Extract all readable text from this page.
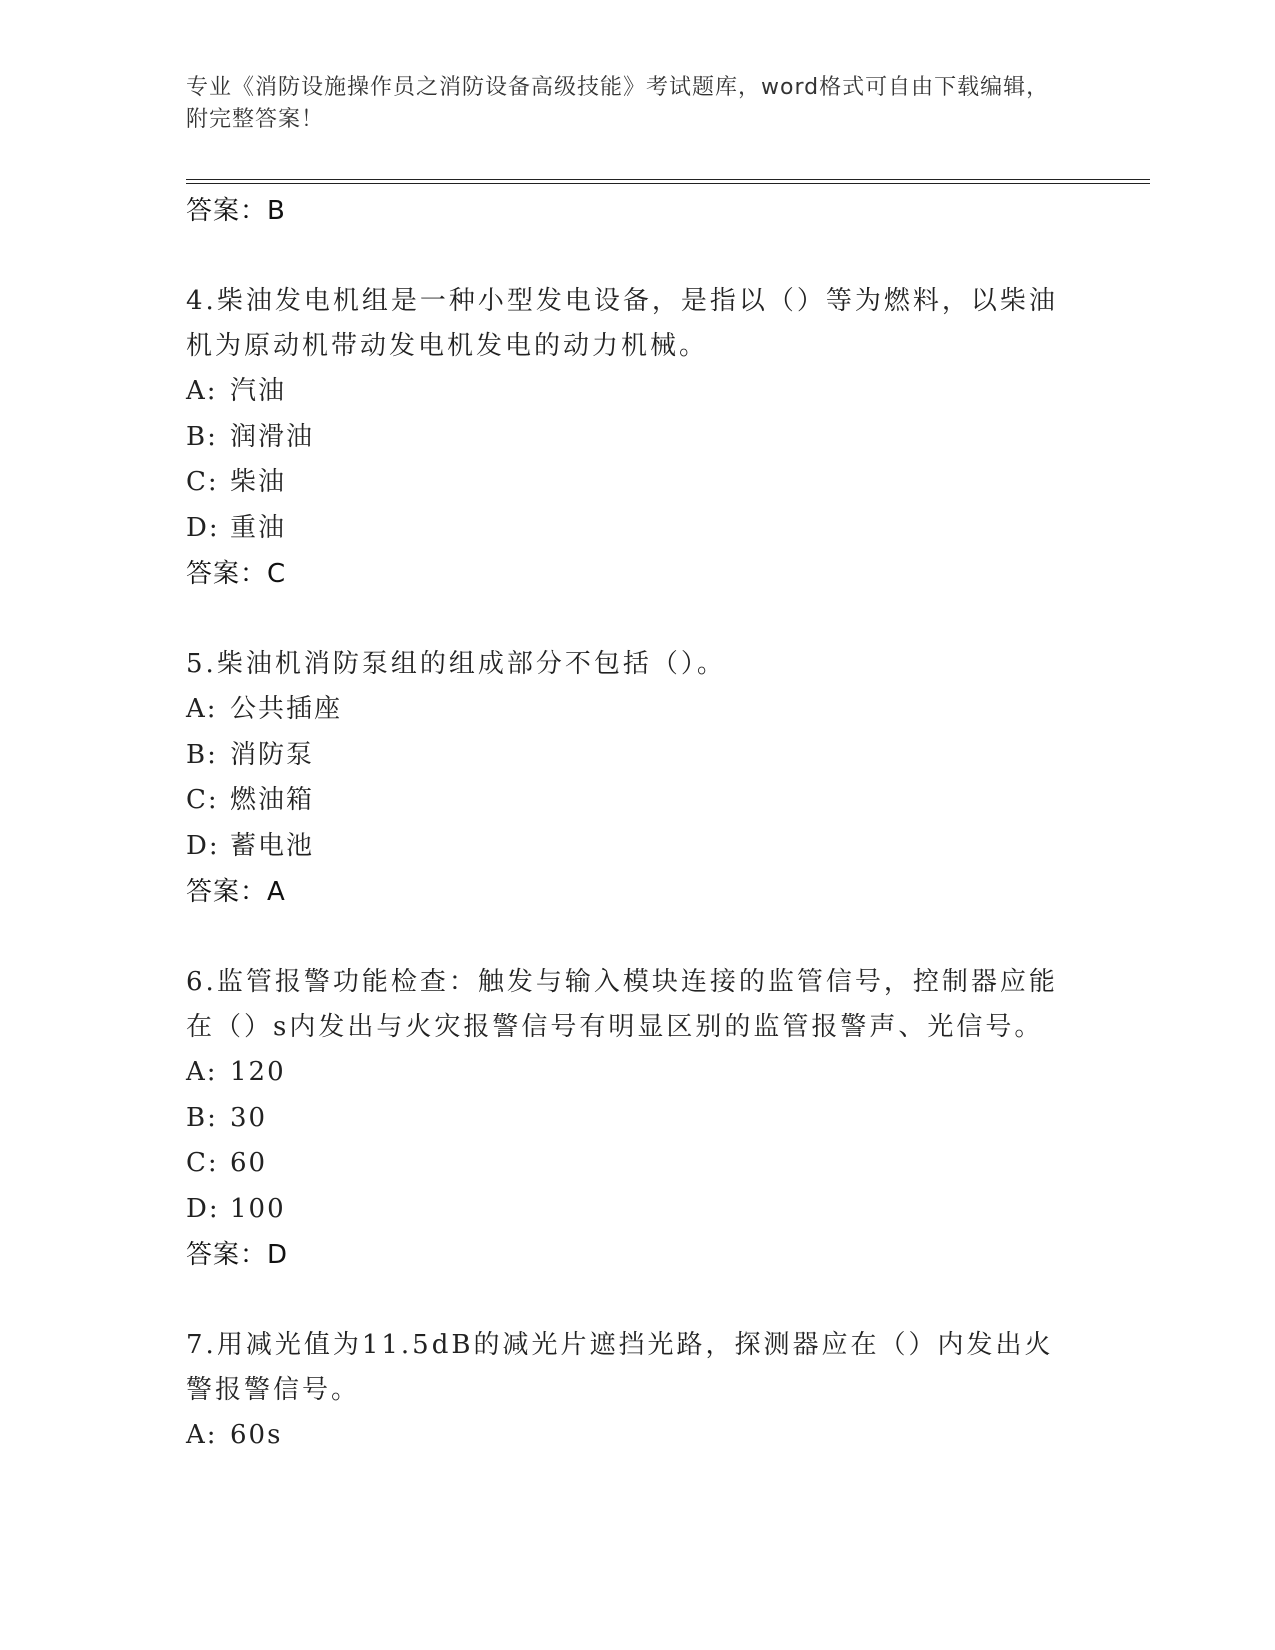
专业《消防设施操作员之消防设备高级技能》考试题库，word格式可自由下载编辑，附完整答案！

答案：B

4.柴油发电机组是一种小型发电设备，是指以（）等为燃料，以柴油机为原动机带动发电机发电的动力机械。

A: 汽油

B: 润滑油

C: 柴油

D: 重油

答案：C

5.柴油机消防泵组的组成部分不包括（）。

A: 公共插座

B: 消防泵

C: 燃油箱

D: 蓄电池

答案：A

6.监管报警功能检查：触发与输入模块连接的监管信号，控制器应能在（）s内发出与火灾报警信号有明显区别的监管报警声、光信号。

A: 120

B: 30

C: 60

D: 100

答案：D

7.用减光值为11.5dB的减光片遮挡光路，探测器应在（）内发出火警报警信号。

A: 60s
